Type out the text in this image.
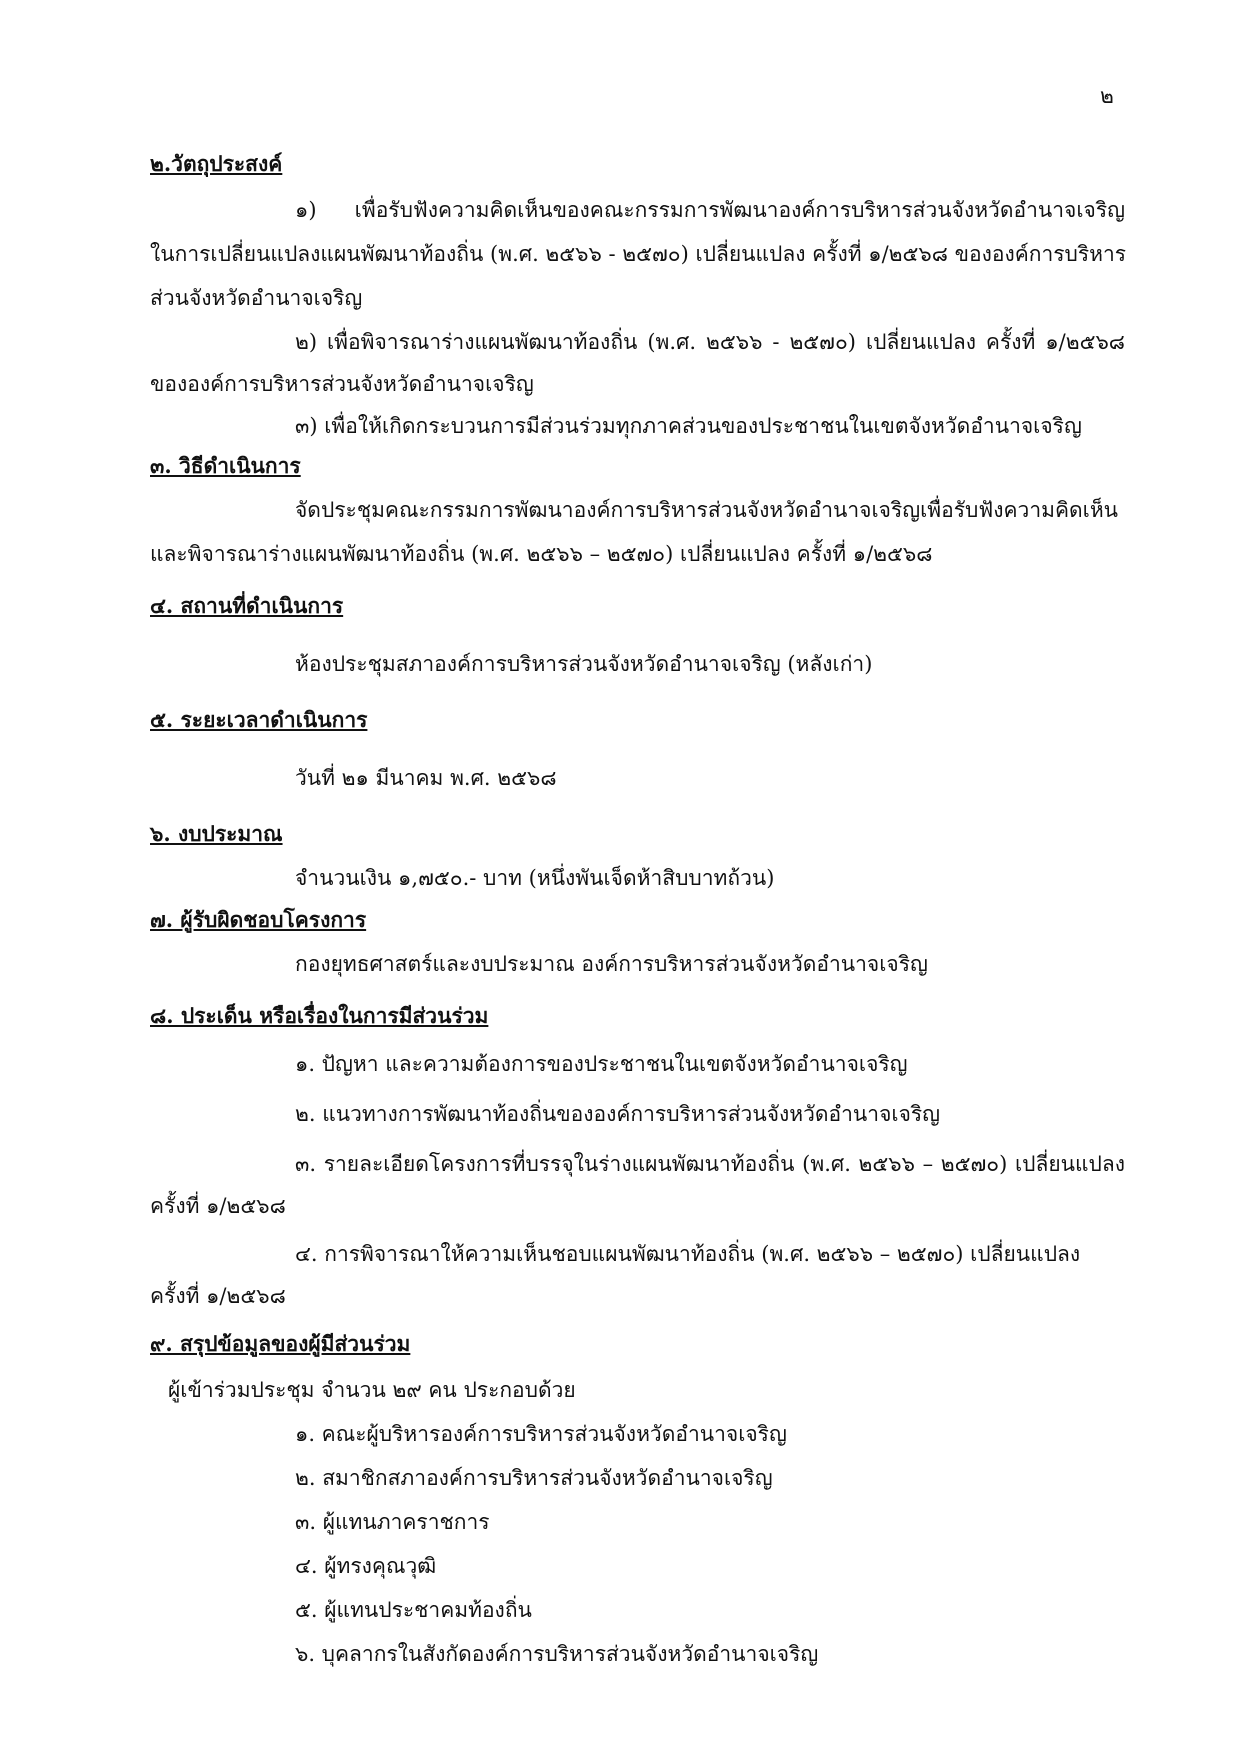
๒
๒.วัตถุประสงค์
๑) เพื่อรับฟังความคิดเห็นของคณะกรรมการพัฒนาองค์การบริหารส่วนจังหวัดอำนาจเจริญ
ในการเปลี่ยนแปลงแผนพัฒนาท้องถิ่น (พ.ศ. ๒๕๖๖ - ๒๕๗๐) เปลี่ยนแปลง ครั้งที่ ๑/๒๕๖๘ ขององค์การบริหาร
ส่วนจังหวัดอำนาจเจริญ
๒) เพื่อพิจารณาร่างแผนพัฒนาท้องถิ่น (พ.ศ. ๒๕๖๖ - ๒๕๗๐) เปลี่ยนแปลง ครั้งที่ ๑/๒๕๖๘
ขององค์การบริหารส่วนจังหวัดอำนาจเจริญ
๓) เพื่อให้เกิดกระบวนการมีส่วนร่วมทุกภาคส่วนของประชาชนในเขตจังหวัดอำนาจเจริญ
๓. วิธีดำเนินการ
จัดประชุมคณะกรรมการพัฒนาองค์การบริหารส่วนจังหวัดอำนาจเจริญเพื่อรับฟังความคิดเห็น
และพิจารณาร่างแผนพัฒนาท้องถิ่น (พ.ศ. ๒๕๖๖ – ๒๕๗๐) เปลี่ยนแปลง ครั้งที่ ๑/๒๕๖๘
๔. สถานที่ดำเนินการ
ห้องประชุมสภาองค์การบริหารส่วนจังหวัดอำนาจเจริญ (หลังเก่า)
๕. ระยะเวลาดำเนินการ
วันที่ ๒๑ มีนาคม พ.ศ. ๒๕๖๘
๖. งบประมาณ
จำนวนเงิน ๑,๗๕๐.- บาท (หนึ่งพันเจ็ดห้าสิบบาทถ้วน)
๗. ผู้รับผิดชอบโครงการ
กองยุทธศาสตร์และงบประมาณ องค์การบริหารส่วนจังหวัดอำนาจเจริญ
๘. ประเด็น หรือเรื่องในการมีส่วนร่วม
๑. ปัญหา และความต้องการของประชาชนในเขตจังหวัดอำนาจเจริญ
๒. แนวทางการพัฒนาท้องถิ่นขององค์การบริหารส่วนจังหวัดอำนาจเจริญ
๓. รายละเอียดโครงการที่บรรจุในร่างแผนพัฒนาท้องถิ่น (พ.ศ. ๒๕๖๖ – ๒๕๗๐) เปลี่ยนแปลง
ครั้งที่ ๑/๒๕๖๘
๔. การพิจารณาให้ความเห็นชอบแผนพัฒนาท้องถิ่น (พ.ศ. ๒๕๖๖ – ๒๕๗๐) เปลี่ยนแปลง
ครั้งที่ ๑/๒๕๖๘
๙. สรุปข้อมูลของผู้มีส่วนร่วม
ผู้เข้าร่วมประชุม จำนวน ๒๙ คน ประกอบด้วย
๑. คณะผู้บริหารองค์การบริหารส่วนจังหวัดอำนาจเจริญ
๒. สมาชิกสภาองค์การบริหารส่วนจังหวัดอำนาจเจริญ
๓. ผู้แทนภาคราชการ
๔. ผู้ทรงคุณวุฒิ
๕. ผู้แทนประชาคมท้องถิ่น
๖. บุคลากรในสังกัดองค์การบริหารส่วนจังหวัดอำนาจเจริญ
